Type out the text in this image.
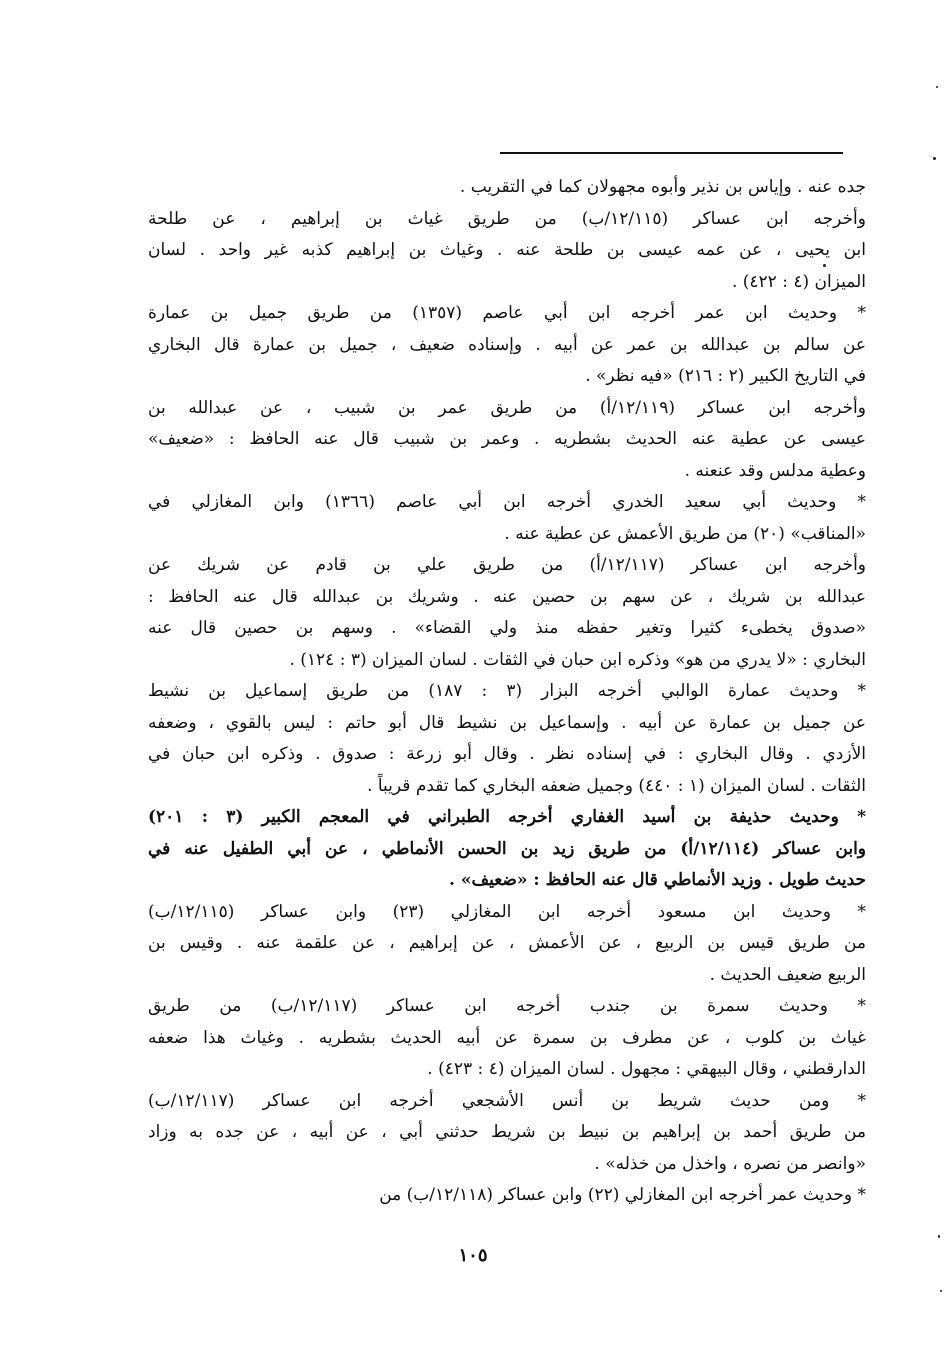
جده عنه . وإياس بن نذير وأبوه مجهولان كما في التقريب .
وأخرجه ابن عساكر (١٢/١١٥/ب) من طريق غياث بن إبراهيم ، عن طلحة
ابن يحيى ، عن عمه عيسى بن طلحة عنه . وغياث بن إبراهيم كذبه غير واحد . لسان
الميزان (٤ : ٤٢٢) .
* وحديث ابن عمر أخرجه ابن أبي عاصم (١٣٥٧) من طريق جميل بن عمارة
عن سالم بن عبدالله بن عمر عن أبيه . وإسناده ضعيف ، جميل بن عمارة قال البخاري
في التاريخ الكبير (٢ : ٢١٦) «فيه نظر» .
وأخرجه ابن عساكر (١٢/١١٩/أ) من طريق عمر بن شبيب ، عن عبدالله بن
عيسى عن عطية عنه الحديث بشطريه . وعمر بن شبيب قال عنه الحافظ : «ضعيف»
وعطية مدلس وقد عنعنه .
* وحديث أبي سعيد الخدري أخرجه ابن أبي عاصم (١٣٦٦) وابن المغازلي في
«المناقب» (٢٠) من طريق الأعمش عن عطية عنه .
وأخرجه ابن عساكر (١٢/١١٧/أ) من طريق علي بن قادم عن شريك عن
عبدالله بن شريك ، عن سهم بن حصين عنه . وشريك بن عبدالله قال عنه الحافظ :
«صدوق يخطىء كثيرا وتغير حفظه منذ ولي القضاء» . وسهم بن حصين قال عنه
البخاري : «لا يدري من هو» وذكره ابن حبان في الثقات . لسان الميزان (٣ : ١٢٤) .
* وحديث عمارة الوالبي أخرجه البزار (٣ : ١٨٧) من طريق إسماعيل بن نشيط
عن جميل بن عمارة عن أبيه . وإسماعيل بن نشيط قال أبو حاتم : ليس بالقوي ، وضعفه
الأزدي . وقال البخاري : في إسناده نظر . وقال أبو زرعة : صدوق . وذكره ابن حبان في
الثقات . لسان الميزان (١ : ٤٤٠) وجميل ضعفه البخاري كما تقدم قريباً .
* وحديث حذيفة بن أسيد الغفاري أخرجه الطبراني في المعجم الكبير (٣ : ٢٠١)
وابن عساكر (١٢/١١٤/أ) من طريق زيد بن الحسن الأنماطي ، عن أبي الطفيل عنه في
حديث طويل . وزيد الأنماطي قال عنه الحافظ : «ضعيف» .
* وحديث ابن مسعود أخرجه ابن المغازلي (٢٣) وابن عساكر (١٢/١١٥/ب)
من طريق قيس بن الربيع ، عن الأعمش ، عن إبراهيم ، عن علقمة عنه . وقيس بن
الربيع ضعيف الحديث .
* وحديث سمرة بن جندب أخرجه ابن عساكر (١٢/١١٧/ب) من طريق
غياث بن كلوب ، عن مطرف بن سمرة عن أبيه الحديث بشطريه . وغياث هذا ضعفه
الدارقطني ، وقال البيهقي : مجهول . لسان الميزان (٤ : ٤٢٣) .
* ومن حديث شريط بن أنس الأشجعي أخرجه ابن عساكر (١٢/١١٧/ب)
من طريق أحمد بن إبراهيم بن نبيط بن شريط حدثني أبي ، عن أبيه ، عن جده به وزاد
«وانصر من نصره ، واخذل من خذله» .
* وحديث عمر أخرجه ابن المغازلي (٢٢) وابن عساكر (١٢/١١٨/ب) من
١٠٥
